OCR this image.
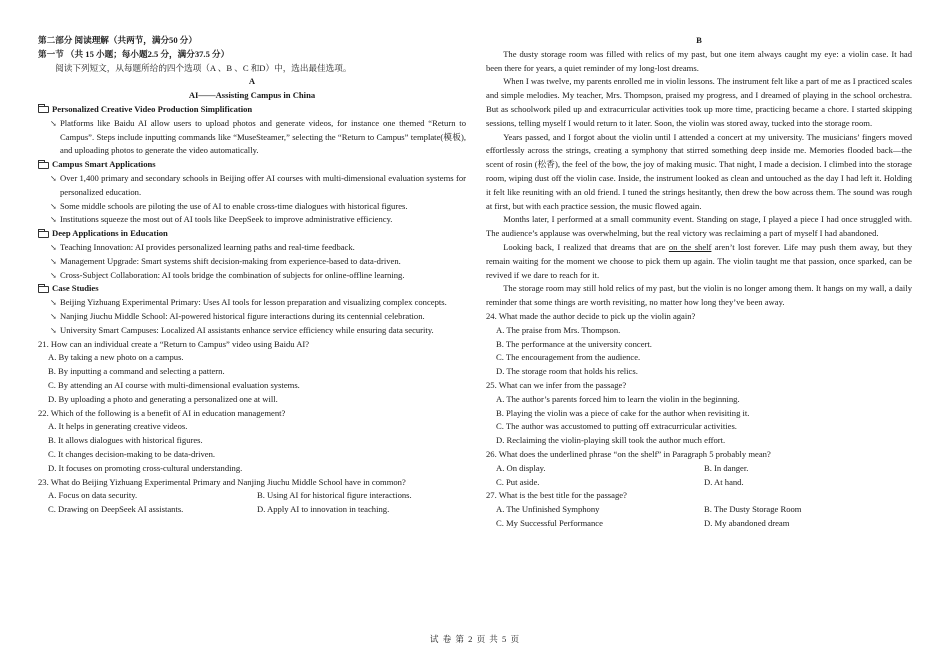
第二部分 阅读理解（共两节，满分50 分）

第一节 （共 15 小题；每小题2.5 分，满分37.5 分）

阅读下列短文，从每题所给的四个选项（A 、B 、C 和D）中，选出最佳选项。

A

AI——Assisting Campus in China

Personalized Creative Video Production Simplification

↘ Platforms like Baidu AI allow users to upload photos and generate videos, for instance one themed “Return to Campus”. Steps include inputting commands like “MuseSteamer,” selecting the “Return to Campus” template(模板), and uploading photos to generate the video automatically.

Campus Smart Applications

↘ Over 1,400 primary and secondary schools in Beijing offer AI courses with multi-dimensional evaluation systems for personalized education.

↘ Some middle schools are piloting the use of AI to enable cross-time dialogues with historical figures.

↘ Institutions squeeze the most out of AI tools like DeepSeek to improve administrative efficiency.

Deep Applications in Education

↘ Teaching Innovation: AI provides personalized learning paths and real-time feedback.

↘ Management Upgrade: Smart systems shift decision-making from experience-based to data-driven.

↘ Cross-Subject Collaboration: AI tools bridge the combination of subjects for online-offline learning.

Case Studies

↘ Beijing Yizhuang Experimental Primary: Uses AI tools for lesson preparation and visualizing complex concepts.

↘ Nanjing Jiuchu Middle School: AI-powered historical figure interactions during its centennial celebration.

↘ University Smart Campuses: Localized AI assistants enhance service efficiency while ensuring data security.

21. How can an individual create a “Return to Campus” video using Baidu AI?

A. By taking a new photo on a campus.

B. By inputting a command and selecting a pattern.

C. By attending an AI course with multi-dimensional evaluation systems.

D. By uploading a photo and generating a personalized one at will.

22. Which of the following is a benefit of AI in education management?

A. It helps in generating creative videos.

B. It allows dialogues with historical figures.

C. It changes decision-making to be data-driven.

D. It focuses on promoting cross-cultural understanding.

23. What do Beijing Yizhuang Experimental Primary and Nanjing Jiuchu Middle School have in common?

A. Focus on data security.	B. Using AI for historical figure interactions.
C. Drawing on DeepSeek AI assistants.	D. Apply AI to innovation in teaching.

B

The dusty storage room was filled with relics of my past, but one item always caught my eye: a violin case. It had been there for years, a quiet reminder of my long-lost dreams.

When I was twelve, my parents enrolled me in violin lessons. The instrument felt like a part of me as I practiced scales and simple melodies. My teacher, Mrs. Thompson, praised my progress, and I dreamed of playing in the school orchestra. But as schoolwork piled up and extracurricular activities took up more time, practicing became a chore. I started skipping sessions, telling myself I would return to it later. Soon, the violin was stored away, tucked into the storage room.

Years passed, and I forgot about the violin until I attended a concert at my university. The musicians’ fingers moved effortlessly across the strings, creating a symphony that stirred something deep inside me. Memories flooded back—the scent of rosin (松香), the feel of the bow, the joy of making music. That night, I made a decision. I climbed into the storage room, wiping dust off the violin case. Inside, the instrument looked as clean and untouched as the day I had left it. Holding it felt like reuniting with an old friend. I tuned the strings hesitantly, then drew the bow across them. The sound was rough at first, but with each practice session, the music flowed again.

Months later, I performed at a small community event. Standing on stage, I played a piece I had once struggled with. The audience’s applause was overwhelming, but the real victory was reclaiming a part of myself I had abandoned.

Looking back, I realized that dreams that are on the shelf aren’t lost forever. Life may push them away, but they remain waiting for the moment we choose to pick them up again. The violin taught me that passion, once sparked, can be revived if we dare to reach for it.

The storage room may still hold relics of my past, but the violin is no longer among them. It hangs on my wall, a daily reminder that some things are worth revisiting, no matter how long they’ve been away.

24. What made the author decide to pick up the violin again?

A. The praise from Mrs. Thompson.

B. The performance at the university concert.

C. The encouragement from the audience.

D. The storage room that holds his relics.

25. What can we infer from the passage?

A. The author’s parents forced him to learn the violin in the beginning.

B. Playing the violin was a piece of cake for the author when revisiting it.

C. The author was accustomed to putting off extracurricular activities.

D. Reclaiming the violin-playing skill took the author much effort.

26. What does the underlined phrase “on the shelf” in Paragraph 5 probably mean?

A. On display.	B. In danger.
C. Put aside.	D. At hand.

27. What is the best title for the passage?

A. The Unfinished Symphony	B. The Dusty Storage Room
C. My Successful Performance	D. My abandoned dream
试 卷 第 2 页 共 5 页
